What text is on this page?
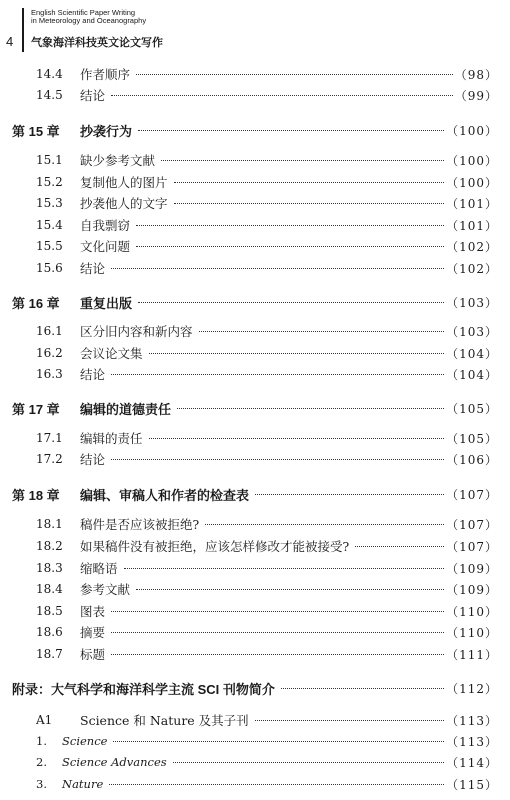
4
English Scientific Paper Writing
in Meteorology and Oceanography
气象海洋科技英文论文写作
14.4	作者顺序	（98）
14.5	结论	（99）
第 15 章	抄袭行为	（100）
15.1	缺少参考文献	（100）
15.2	复制他人的图片	（100）
15.3	抄袭他人的文字	（101）
15.4	自我剽窃	（101）
15.5	文化问题	（102）
15.6	结论	（102）
第 16 章	重复出版	（103）
16.1	区分旧内容和新内容	（103）
16.2	会议论文集	（104）
16.3	结论	（104）
第 17 章	编辑的道德责任	（105）
17.1	编辑的责任	（105）
17.2	结论	（106）
第 18 章	编辑、审稿人和作者的检查表	（107）
18.1	稿件是否应该被拒绝?	（107）
18.2	如果稿件没有被拒绝，应该怎样修改才能被接受?	（107）
18.3	缩略语	（109）
18.4	参考文献	（109）
18.5	图表	（110）
18.6	摘要	（110）
18.7	标题	（111）
附录：大气科学和海洋科学主流 SCI 刊物简介	（112）
A1	Science 和 Nature 及其子刊	（113）
1.	Science	（113）
2.	Science Advances	（114）
3.	Nature	（115）
